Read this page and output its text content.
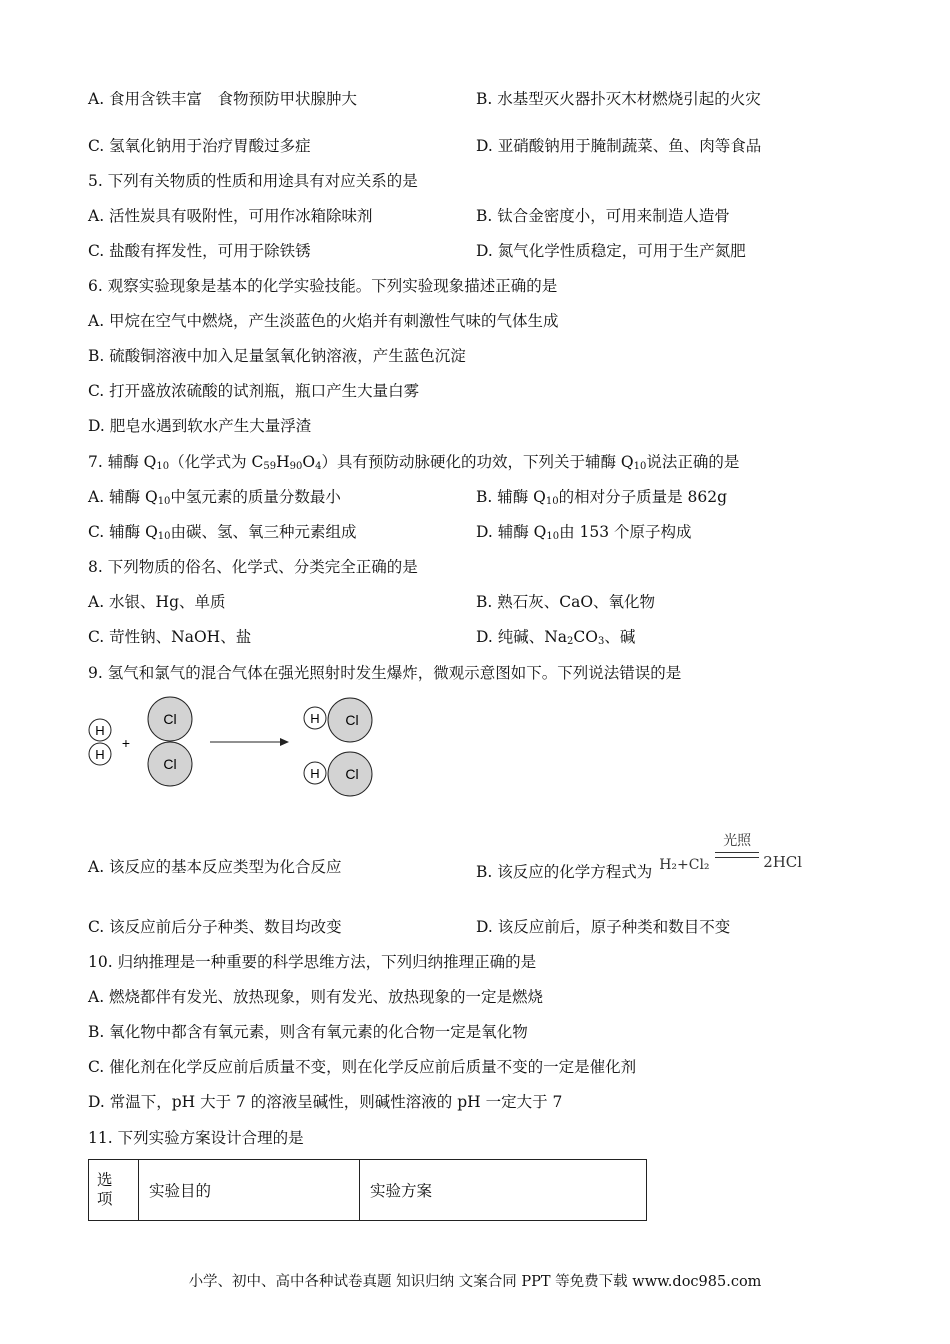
A. 食用含铁丰富　食物预防甲状腺肿大	B. 水基型灭火器扑灭木材燃烧引起的火灾
C. 氢氧化钠用于治疗胃酸过多症	D. 亚硝酸钠用于腌制蔬菜、鱼、肉等食品
5. 下列有关物质的性质和用途具有对应关系的是
A. 活性炭具有吸附性，可用作冰箱除味剂	B. 钛合金密度小，可用来制造人造骨
C. 盐酸有挥发性，可用于除铁锈	D. 氮气化学性质稳定，可用于生产氮肥
6. 观察实验现象是基本的化学实验技能。下列实验现象描述正确的是
A. 甲烷在空气中燃烧，产生淡蓝色的火焰并有刺激性气味的气体生成
B. 硫酸铜溶液中加入足量氢氧化钠溶液，产生蓝色沉淀
C. 打开盛放浓硫酸的试剂瓶，瓶口产生大量白雾
D. 肥皂水遇到软水产生大量浮渣
7. 辅酶 $Q_{10}$（化学式为 $C_{59}H_{90}O_4$）具有预防动脉硬化的功效，下列关于辅酶 $Q_{10}$说法正确的是
A. 辅酶 $Q_{10}$中氢元素的质量分数最小	B. 辅酶 $Q_{10}$的相对分子质量是 862g
C. 辅酶 $Q_{10}$由碳、氢、氧三种元素组成	D. 辅酶 $Q_{10}$由 153 个原子构成
8. 下列物质的俗名、化学式、分类完全正确的是
A. 水银、Hg、单质	B. 熟石灰、CaO、氧化物
C. 苛性钠、NaOH、盐	D. 纯碱、$Na_2CO_3$、碱
9. 氢气和氯气的混合气体在强光照射时发生爆炸，微观示意图如下。下列说法错误的是
H
H
+
Cl
Cl
Cl
H
Cl
H
A. 该反应的基本反应类型为化合反应	B. 该反应的化学方程式为 H₂+Cl₂
光照
2HCl
C. 该反应前后分子种类、数目均改变	D. 该反应前后，原子种类和数目不变
10. 归纳推理是一种重要的科学思维方法，下列归纳推理正确的是
A. 燃烧都伴有发光、放热现象，则有发光、放热现象的一定是燃烧
B. 氧化物中都含有氧元素，则含有氧元素的化合物一定是氧化物
C. 催化剂在化学反应前后质量不变，则在化学反应前后质量不变的一定是催化剂
D. 常温下，pH 大于 7 的溶液呈碱性，则碱性溶液的 pH 一定大于 7
11. 下列实验方案设计合理的是
选
项	实验目的	实验方案
小学、初中、高中各种试卷真题 知识归纳 文案合同 PPT 等免费下载 www.doc985.com
